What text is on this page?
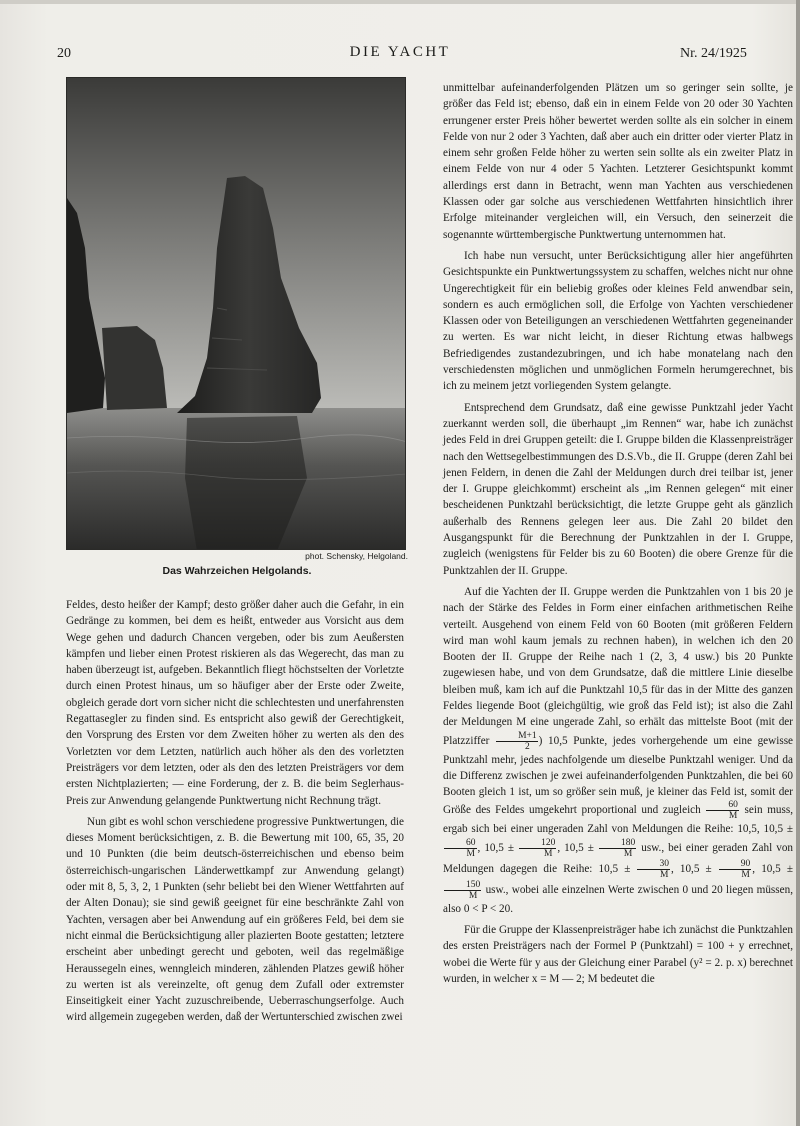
20	DIE YACHT	Nr. 24/1925
phot. Schensky, Helgoland.
Das Wahrzeichen Helgolands.

Feldes, desto heißer der Kampf; desto größer daher auch die Gefahr, in ein Gedränge zu kommen, bei dem es heißt, entweder aus Vorsicht aus dem Wege gehen und dadurch Chancen vergeben, oder bis zum Aeußersten kämpfen und lieber einen Protest riskieren als das Wegerecht, das man zu haben überzeugt ist, aufgeben. Bekanntlich fliegt höchstselten der Vorletzte durch einen Protest hinaus, um so häufiger aber der Erste oder Zweite, obgleich gerade dort vorn sicher nicht die schlechtesten und unerfahrensten Regattasegler zu finden sind. Es entspricht also gewiß der Gerechtigkeit, den Vorsprung des Ersten vor dem Zweiten höher zu werten als den des Vorletzten vor dem Letzten, natürlich auch höher als den des vorletzten Preisträgers vor dem letzten, oder als den des letzten Preisträgers vor dem ersten Nichtplazierten; — eine Forderung, der z. B. die beim Seglerhaus-Preis zur Anwendung gelangende Punktwertung nicht Rechnung trägt.

Nun gibt es wohl schon verschiedene progressive Punktwertungen, die dieses Moment berücksichtigen, z. B. die Bewertung mit 100, 65, 35, 20 und 10 Punkten (die beim deutsch-österreichischen und ebenso beim österreichisch-ungarischen Länderwettkampf zur Anwendung gelangt) oder mit 8, 5, 3, 2, 1 Punkten (sehr beliebt bei den Wiener Wettfahrten auf der Alten Donau); sie sind gewiß geeignet für eine beschränkte Zahl von Yachten, versagen aber bei Anwendung auf ein größeres Feld, bei dem sie nicht einmal die Berücksichtigung aller plazierten Boote gestatten; letztere erscheint aber unbedingt gerecht und geboten, weil das regelmäßige Heraussegeln eines, wenngleich minderen, zählenden Platzes gewiß höher zu werten ist als vereinzelte, oft genug dem Zufall oder extremster Einseitigkeit einer Yacht zuzuschreibende, Ueberraschungserfolge. Auch wird allgemein zugegeben werden, daß der Wertunterschied zwischen zwei

unmittelbar aufeinanderfolgenden Plätzen um so geringer sein sollte, je größer das Feld ist; ebenso, daß ein in einem Felde von 20 oder 30 Yachten errungener erster Preis höher bewertet werden sollte als ein solcher in einem Felde von nur 2 oder 3 Yachten, daß aber auch ein dritter oder vierter Platz in einem sehr großen Felde höher zu werten sein sollte als ein zweiter Platz in einem Felde von nur 4 oder 5 Yachten. Letzterer Gesichtspunkt kommt allerdings erst dann in Betracht, wenn man Yachten aus verschiedenen Klassen oder gar solche aus verschiedenen Wettfahrten hinsichtlich ihrer Erfolge miteinander vergleichen will, ein Versuch, den seinerzeit die sogenannte württembergische Punktwertung unternommen hat.

Ich habe nun versucht, unter Berücksichtigung aller hier angeführten Gesichtspunkte ein Punktwertungssystem zu schaffen, welches nicht nur ohne Ungerechtigkeit für ein beliebig großes oder kleines Feld anwendbar sein, sondern es auch ermöglichen soll, die Erfolge von Yachten verschiedener Klassen oder von Beteiligungen an verschiedenen Wettfahrten gegeneinander zu werten. Es war nicht leicht, in dieser Richtung etwas halbwegs Befriedigendes zustandezubringen, und ich habe monatelang nach den verschiedensten möglichen und unmöglichen Formeln herumgerechnet, bis ich zu meinem jetzt vorliegenden System gelangte.

Entsprechend dem Grundsatz, daß eine gewisse Punktzahl jeder Yacht zuerkannt werden soll, die überhaupt „im Rennen“ war, habe ich zunächst jedes Feld in drei Gruppen geteilt: die I. Gruppe bilden die Klassenpreisträger nach den Wettsegelbestimmungen des D.S.Vb., die II. Gruppe (deren Zahl bei jenen Feldern, in denen die Zahl der Meldungen durch drei teilbar ist, jener der I. Gruppe gleichkommt) erscheint als „im Rennen gelegen“ mit einer bescheidenen Punktzahl berücksichtigt, die letzte Gruppe geht als gänzlich außerhalb des Rennens gelegen leer aus. Die Zahl 20 bildet den Ausgangspunkt für die Berechnung der Punktzahlen in der I. Gruppe, zugleich (wenigstens für Felder bis zu 60 Booten) die obere Grenze für die Punktzahlen der II. Gruppe.

Auf die Yachten der II. Gruppe werden die Punktzahlen von 1 bis 20 je nach der Stärke des Feldes in Form einer einfachen arithmetischen Reihe verteilt. Ausgehend von einem Feld von 60 Booten (mit größeren Feldern wird man wohl kaum jemals zu rechnen haben), in welchen ich den 20 Booten der II. Gruppe der Reihe nach 1 (2, 3, 4 usw.) bis 20 Punkte zugewiesen habe, und von dem Grundsatze, daß die mittlere Linie dieselbe bleiben muß, kam ich auf die Punktzahl 10,5 für das in der Mitte des ganzen Feldes liegende Boot (gleichgültig, wie groß das Feld ist); ist also die Zahl der Meldungen M eine ungerade Zahl, so erhält das mittelste Boot (mit der Platzziffer $\frac{M+1}{2}$ ) 10,5 Punkte, jedes vorhergehende um eine gewisse Punktzahl mehr, jedes nachfolgende um dieselbe Punktzahl weniger. Und da die Differenz zwischen je zwei aufeinanderfolgenden Punktzahlen, die bei 60 Booten gleich 1 ist, um so größer sein muß, je kleiner das Feld ist, somit der Größe des Feldes umgekehrt proportional und zugleich $\frac{60}{M}$ sein muss, ergab sich bei einer ungeraden Zahl von Meldungen die Reihe: 10,5, 10,5 ±
$\frac{60}{M}$ , $10,5 \pm \frac{120}{M}$ , $10,5 \pm \frac{180}{M}$ usw., bei einer geraden Zahl von Meldungen dagegen die Reihe: $10,5 \pm \frac{30}{M}$ , $10,5 \pm \frac{90}{M}$ , 10,5 ±
$\frac{150}{M}$ usw., wobei alle einzelnen Werte zwischen 0 und 20 liegen müssen, also 0 < P < 20.

Für die Gruppe der Klassenpreisträger habe ich zunächst die Punktzahlen des ersten Preisträgers nach der Formel P (Punktzahl) = 100 + y errechnet, wobei die Werte für y aus der Gleichung einer Parabel (y² = 2. p. x) berechnet wurden, in welcher x = M — 2; M bedeutet die
